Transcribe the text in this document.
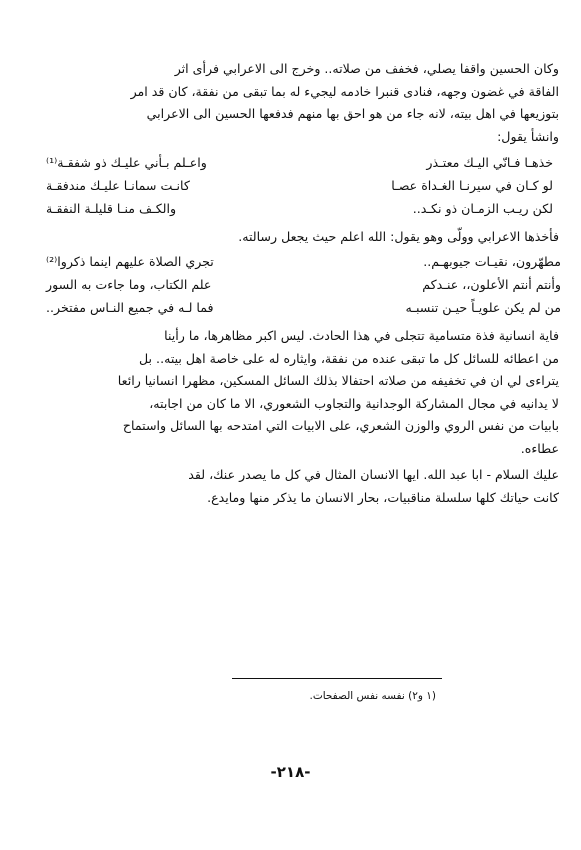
وكان الحسين واقفا يصلي، فخفف من صلاته.. وخرج الى الاعرابي فرأى اثر
الفاقة في غضون وجهه، فنادى قنبرا خادمه ليجيء له بما تبقى من نفقة، كان قد امر
بتوزيعها في اهل بيته، لانه جاء من هو احق بها منهم فدفعها الحسين الى الاعرابي
وانشأ يقول:
خذهـا فـانّي اليـك معتـذر
واعـلم بـأني عليـك ذو شفقـة⁽¹⁾
لو كـان في سيرنـا الغـداة عصـا
كانـت سمانـا عليـك مندفقـة
لكن ريـب الزمـان ذو نكـد..
والكـف منـا قليلـة النفقـة
فأخذها الاعرابي وولّى وهو يقول: الله اعلم حيث يجعل رسالته.
مطهّرون، نقيـات جيوبهـم..
تجري الصلاة عليهم اينما ذكروا⁽²⁾
وأنتم أنتم الأعلون،، عنـدكم
علم الكتاب، وما جاءت به السور
من لم يكن علويـاً حيـن تنسبـه
فما لـه في جميع النـاس مفتخر..
فاية انسانية فذة متسامية تتجلى في هذا الحادث. ليس اكبر مظاهرها، ما رأينا
من اعطائه للسائل كل ما تبقى عنده من نفقة، وايثاره له على خاصة اهل بيته.. بل
يتراءى لي ان في تخفيفه من صلاته احتفالا بذلك السائل المسكين، مظهرا انسانيا رائعا
لا يدانيه في مجال المشاركة الوجدانية والتجاوب الشعوري، الا ما كان من اجابته،
بابيات من نفس الروي والوزن الشعري، على الابيات التي امتدحه بها السائل واستماح
عطاءه.
عليك السلام - ابا عبد الله. ايها الانسان المثال في كل ما يصدر عنك، لقد
كانت حياتك كلها سلسلة مناقبيات، بحار الانسان ما يذكر منها ومايدع.
(١ و٢) نفسه نفس الصفحات.
-٢١٨-
